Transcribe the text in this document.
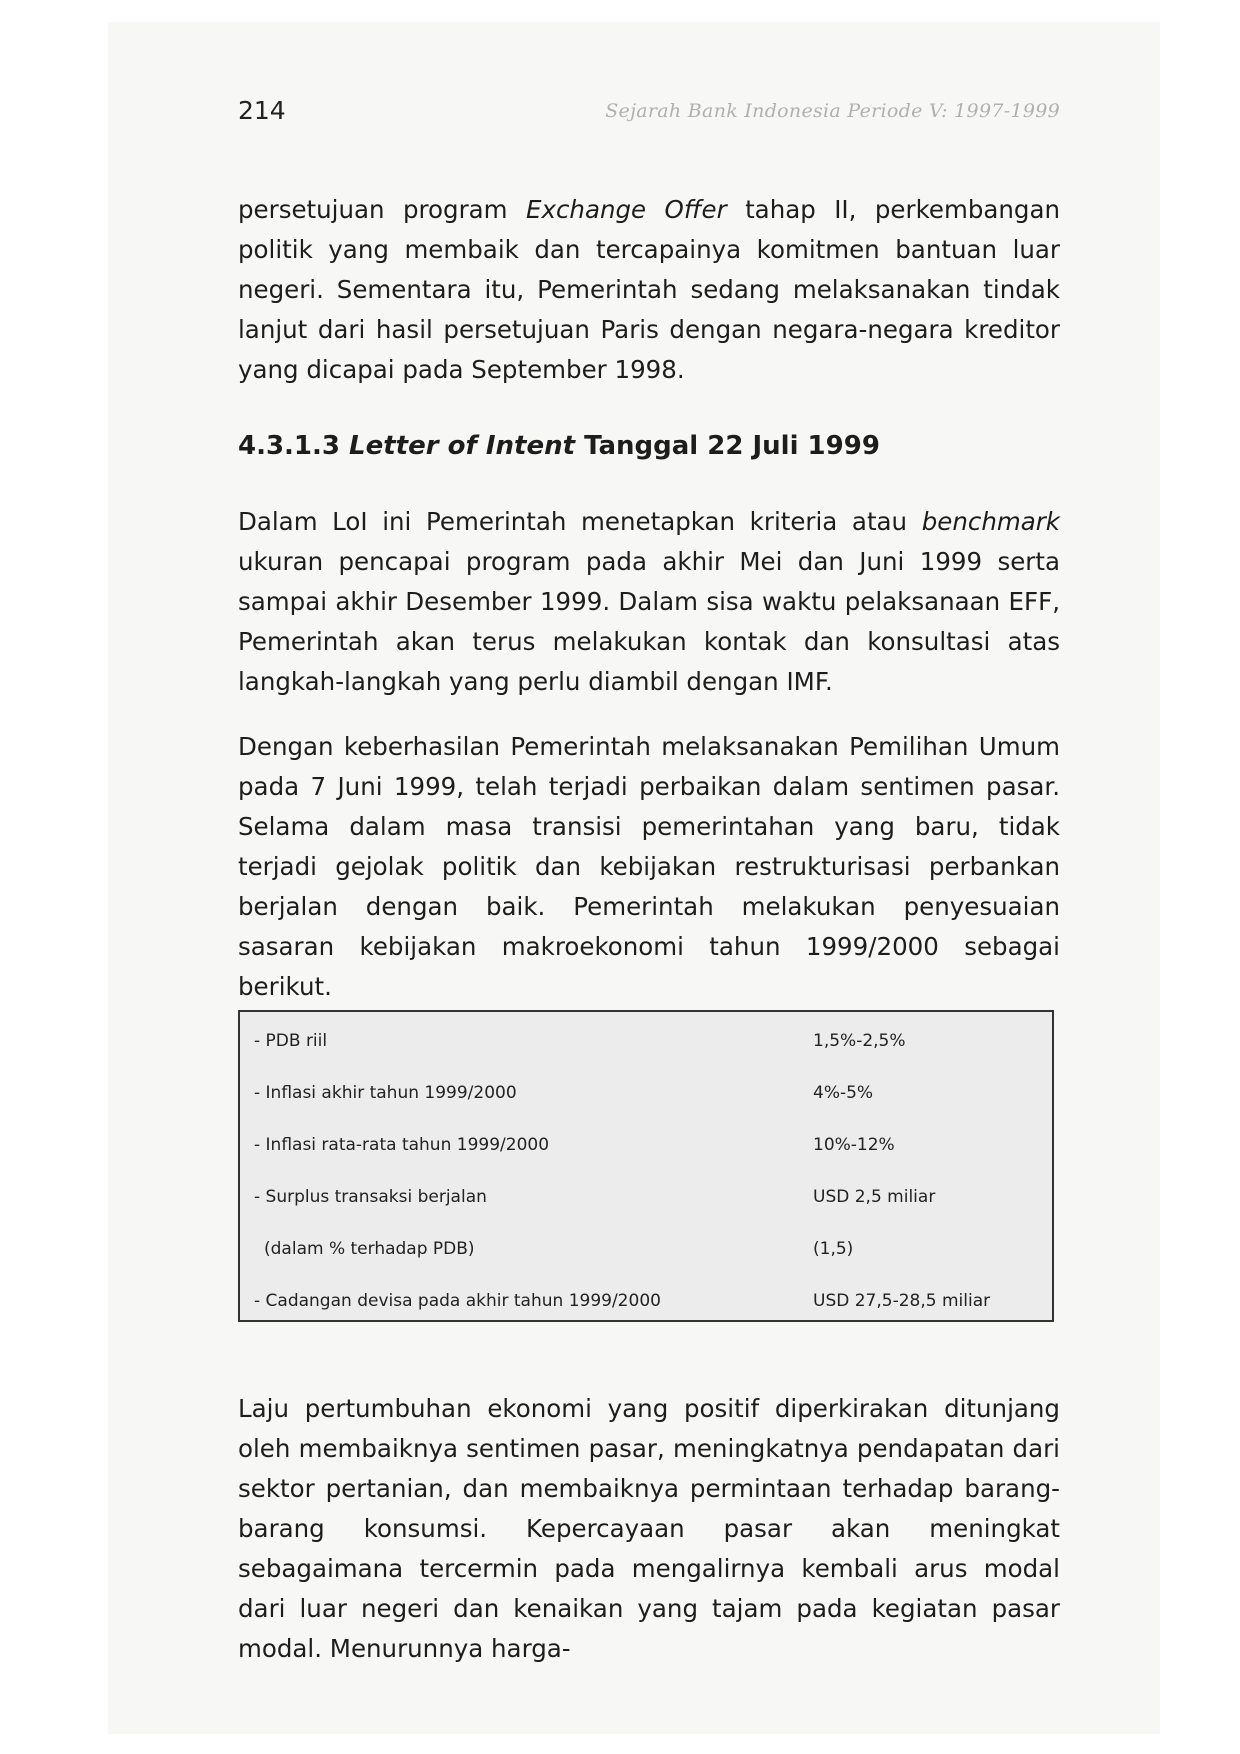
214	Sejarah Bank Indonesia Periode V: 1997-1999

persetujuan program Exchange Offer tahap II, perkembangan politik yang membaik dan tercapainya komitmen bantuan luar negeri. Sementara itu, Pemerintah sedang melaksanakan tindak lanjut dari hasil persetujuan Paris dengan negara-negara kreditor yang dicapai pada September 1998.

4.3.1.3 Letter of Intent Tanggal 22 Juli 1999

Dalam LoI ini Pemerintah menetapkan kriteria atau benchmark ukuran pencapai program pada akhir Mei dan Juni 1999 serta sampai akhir Desember 1999. Dalam sisa waktu pelaksanaan EFF, Pemerintah akan terus melakukan kontak dan konsultasi atas langkah-langkah yang perlu diambil dengan IMF.

Dengan keberhasilan Pemerintah melaksanakan Pemilihan Umum pada 7 Juni 1999, telah terjadi perbaikan dalam sentimen pasar. Selama dalam masa transisi pemerintahan yang baru, tidak terjadi gejolak politik dan kebijakan restrukturisasi perbankan berjalan dengan baik. Pemerintah melakukan penyesuaian sasaran kebijakan makroekonomi tahun 1999/2000 sebagai berikut.

- PDB riil	1,5%-2,5%
- Inflasi akhir tahun 1999/2000	4%-5%
- Inflasi rata-rata tahun 1999/2000	10%-12%
- Surplus transaksi berjalan	USD 2,5 miliar
(dalam % terhadap PDB)	(1,5)
- Cadangan devisa pada akhir tahun 1999/2000	USD 27,5-28,5 miliar

Laju pertumbuhan ekonomi yang positif diperkirakan ditunjang oleh membaiknya sentimen pasar, meningkatnya pendapatan dari sektor pertanian, dan membaiknya permintaan terhadap barang-barang konsumsi. Kepercayaan pasar akan meningkat sebagaimana tercermin pada mengalirnya kembali arus modal dari luar negeri dan kenaikan yang tajam pada kegiatan pasar modal. Menurunnya harga-
